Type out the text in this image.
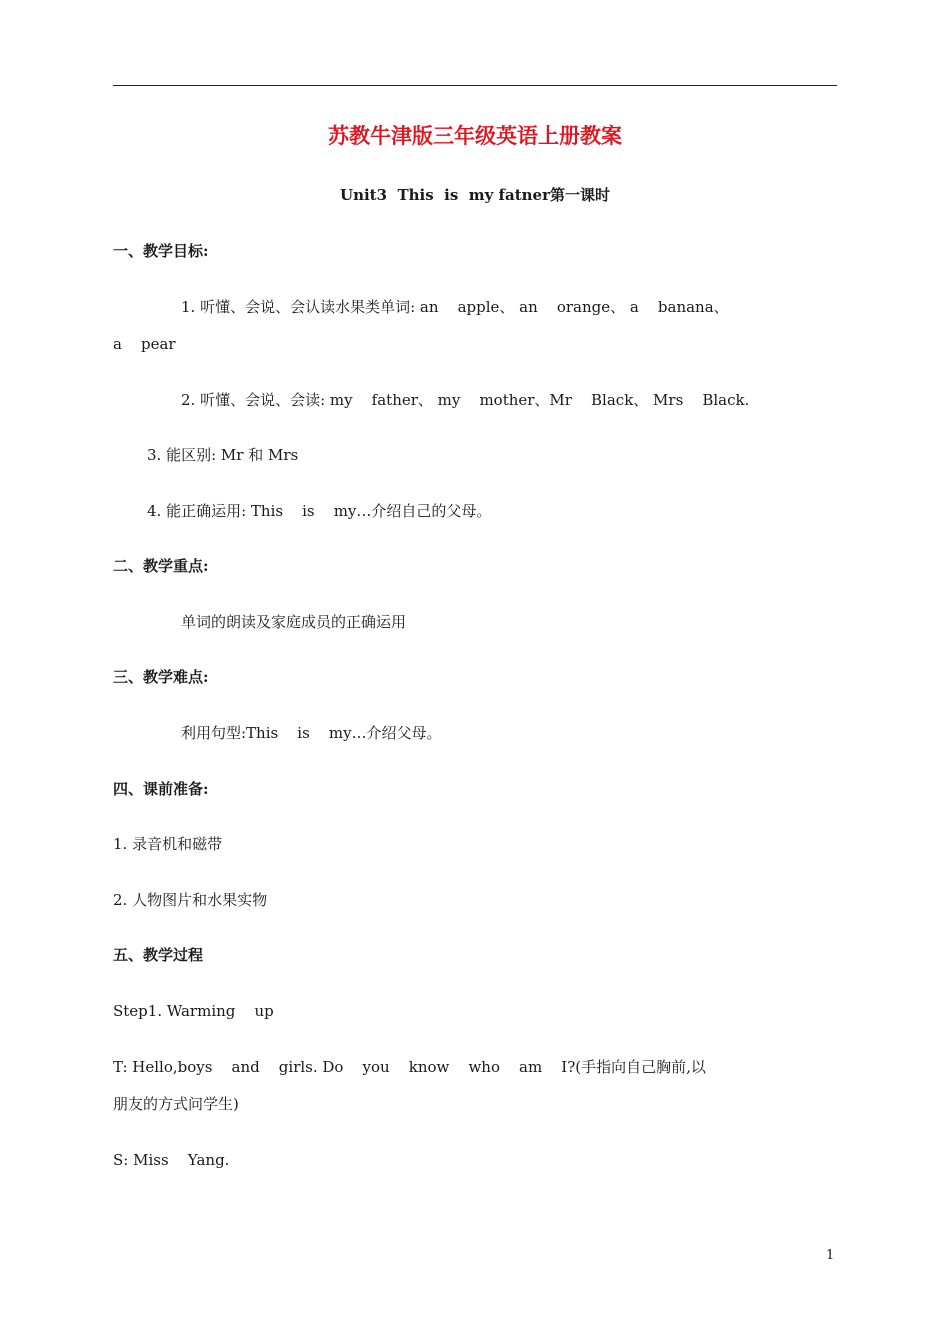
苏教牛津版三年级英语上册教案
Unit3  This  is  my fatner第一课时
一、教学目标:
1. 听懂、会说、会认读水果类单词: an    apple、 an    orange、 a    banana、
a    pear
2. 听懂、会说、会读: my    father、 my    mother、Mr    Black、 Mrs    Black.
3. 能区别: Mr 和 Mrs
4. 能正确运用: This    is    my…介绍自己的父母。
二、教学重点:
单词的朗读及家庭成员的正确运用
三、教学难点:
利用句型:This    is    my…介绍父母。
四、课前准备:
1. 录音机和磁带
2. 人物图片和水果实物
五、教学过程
Step1. Warming    up
T: Hello,boys    and    girls. Do    you    know    who    am    I?(手指向自己胸前,以
朋友的方式问学生)
S: Miss    Yang.
1
